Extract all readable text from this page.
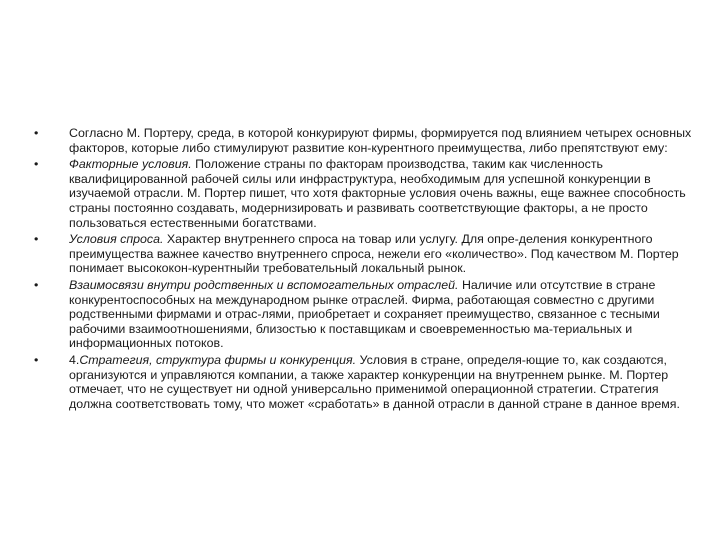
•	Согласно М. Портеру, среда, в которой конкурируют фирмы, формируется под влиянием четырех основных факторов, которые либо стимулируют развитие кон-курентного преимущества, либо препятствуют ему:
•	Факторные условия. Положение страны по факторам производства, таким как численность квалифицированной рабочей силы или инфраструктура, необходимым для успешной конкуренции в изучаемой отрасли. М. Портер пишет, что хотя факторные условия очень важны, еще важнее способность страны постоянно создавать, модернизировать и развивать соответствующие факторы, а не просто пользоваться естественными богатствами.
•	Условия спроса. Характер внутреннего спроса на товар или услугу. Для опре-деления конкурентного преимущества важнее качество внутреннего спроса, нежели его «количество». Под качеством М. Портер понимает высококон-курентныйи требовательный локальный рынок.
•	Взаимосвязи внутри родственных и вспомогательных отраслей. Наличие или отсутствие в стране конкурентоспособных на международном рынке отраслей. Фирма, работающая совместно с другими родственными фирмами и отрас-лями, приобретает и сохраняет преимущество, связанное с тесными рабочими взаимоотношениями, близостью к поставщикам и своевременностью ма-териальных и информационных потоков.
•	4.Стратегия, структура фирмы и конкуренция. Условия в стране, определя-ющие то, как создаются, организуются и управляются компании, а также характер конкуренции на внутреннем рынке. М. Портер отмечает, что не существует ни одной универсально применимой операционной стратегии. Стратегия должна соответствовать тому, что может «сработать» в данной отрасли в данной стране в данное время.
